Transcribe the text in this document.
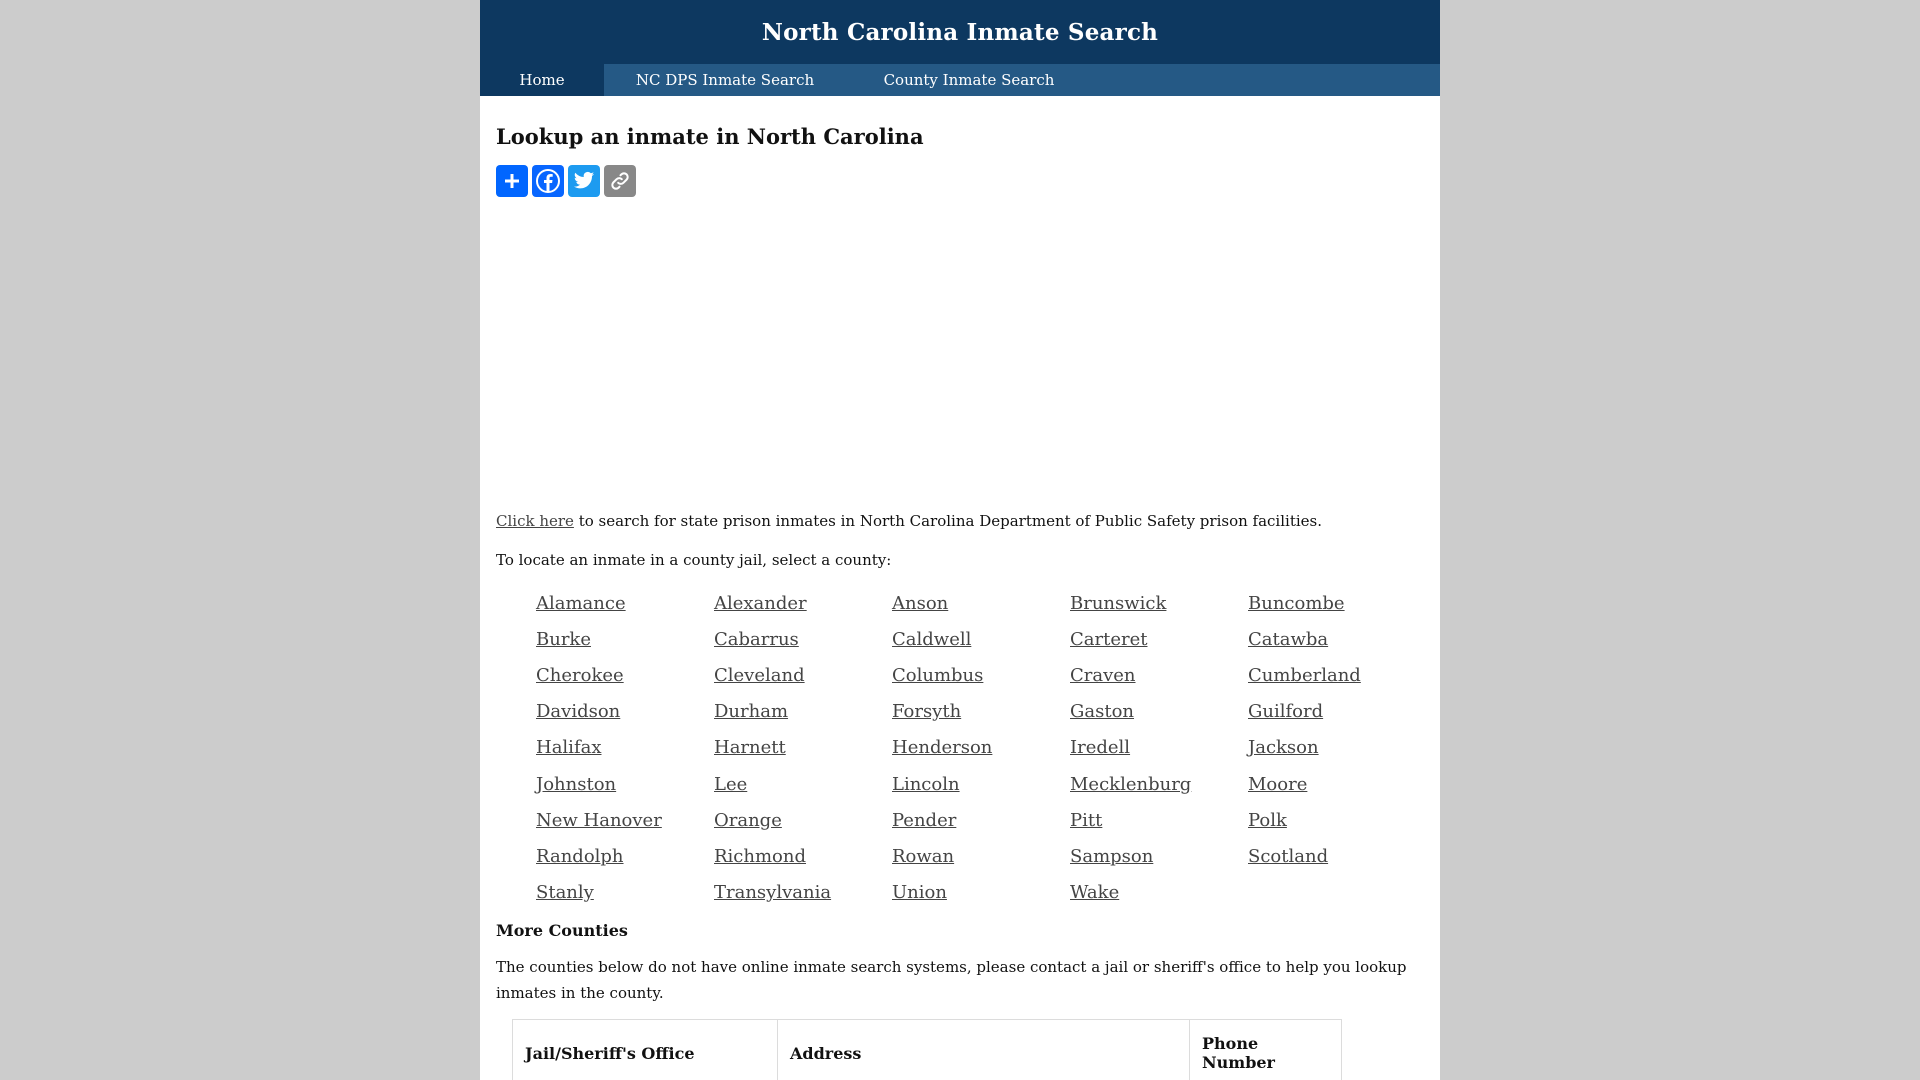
North Carolina Inmate Search
Home	NC DPS Inmate Search	County Inmate Search
Lookup an inmate in North Carolina

Click here to search for state prison inmates in North Carolina Department of Public Safety prison facilities.

To locate an inmate in a county jail, select a county:

Alamance	Alexander	Anson	Brunswick	Buncombe
Burke	Cabarrus	Caldwell	Carteret	Catawba
Cherokee	Cleveland	Columbus	Craven	Cumberland
Davidson	Durham	Forsyth	Gaston	Guilford
Halifax	Harnett	Henderson	Iredell	Jackson
Johnston	Lee	Lincoln	Mecklenburg	Moore
New Hanover	Orange	Pender	Pitt	Polk
Randolph	Richmond	Rowan	Sampson	Scotland
Stanly	Transylvania	Union	Wake
More Counties

The counties below do not have online inmate search systems, please contact a jail or sheriff's office to help you lookup inmates in the county.

Jail/Sheriff's Office	Address	Phone Number
